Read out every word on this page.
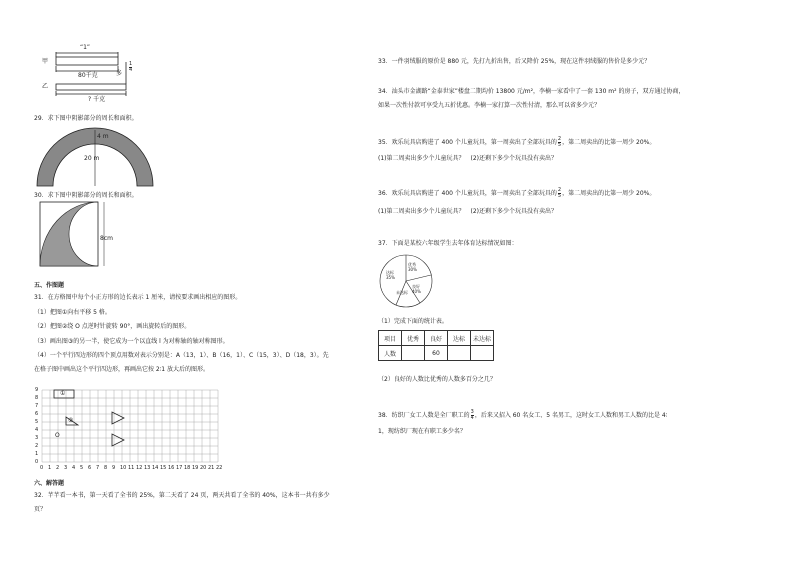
甲
乙
“1”
80千克
? 千克
多
$\frac{1}{4}$
29．求下图中阴影部分的周长和面积。
4 m
20 m
30．求下图中阴影部分的周长和面积。
8cm
五、作图题
31．在方格图中每个小正方形的边长表示 1 厘米，请按要求画出相应的图形。
（1）把图①向右平移 5 格。
（2）把图②绕 O 点逆时针旋转 90°，画出旋转后的图形。
（3）画出图③的另一半，使它成为一个以直线 l 为对称轴的轴对称图形。
（4）一个平行四边形的四个顶点用数对表示分别是：A（13，1）、B（16，1）、C（15，3）、D（18，3）。先
在格子图中画出这个平行四边形，再画出它按 2∶1 放大后的图形。
9
8
7
6
5
4
3
2
1
0
0 1 2 3 4 5 6 7 8 9 10 11 12 13 14 15 16 17 18 19 20 21 22
①
②
O
六、解答题
32．芊芊看一本书，第一天看了全书的 25%，第二天看了 24 页，两天共看了全书的 40%，这本书一共有多少
页？
33．一件羽绒服的原价是 880 元，先打九折出售，后又降价 25%，现在这件羽绒服的售价是多少元？
34．汕头市金湖路“金泰世家”楼盘二期均价 13800 元/m²，李楠一家看中了一套 130 m² 的房子，双方通过协商，
如果一次性付款可享受九五折优惠。李楠一家打算一次性付清，那么可以省多少元？
35．欢乐玩具店购进了 400 个儿童玩具，第一周卖出了全部玩具的 $\frac{2}{5}$ ，第二周卖出的比第一周少 20%。
(1)第二周卖出多少个儿童玩具？　(2)还剩下多少个玩具没有卖出？
36．欢乐玩具店购进了 400 个儿童玩具，第一周卖出了全部玩具的 $\frac{2}{5}$ ，第二周卖出的比第一周少 20%。
(1)第二周卖出多少个儿童玩具？　(2)还剩下多少个玩具没有卖出？
37．下面是某校六年级学生去年体育达标情况如图：
优秀
30%
达标
35%
良好
40%
未达标
（1）完成下面的统计表。
项目	优秀	良好	达标	未达标
人数		60		
（2）良好的人数比优秀的人数多百分之几？
38．纺织厂女工人数是全厂职工的 $\frac{3}{4}$ ，后来又招入 60 名女工、5 名男工，这时女工人数和男工人数的比是 4∶
1，现纺织厂现在有职工多少名？
